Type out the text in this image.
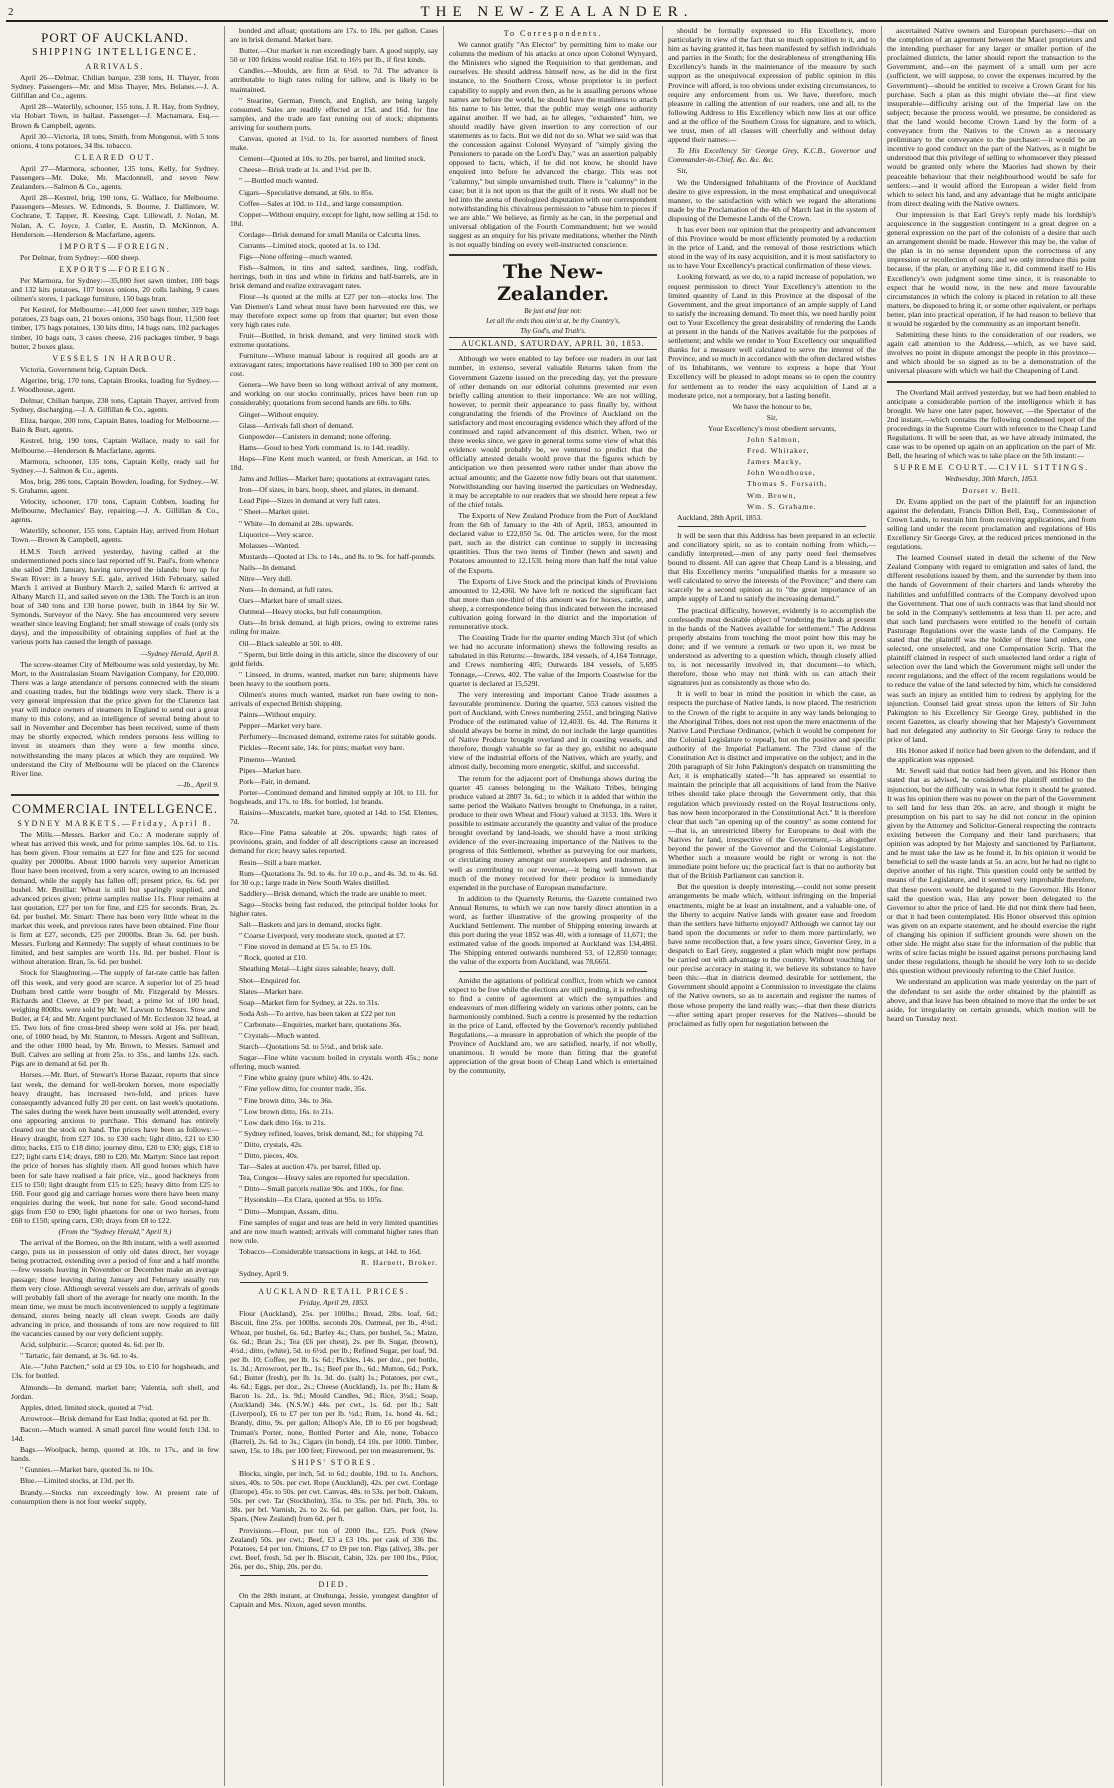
2	THE NEW-ZEALANDER.
PORT OF AUCKLAND.
SHIPPING INTELLIGENCE.
ARRIVALS.

April 26—Delmar, Chilian barque, 238 tons, H. Thayer, from Sydney. Passengers—Mr. and Miss Thayer, Mrs. Belanes.—J. A. Gilfillan and Co., agents.

April 28—Waterlily, schooner, 155 tons, J. R. Hay, from Sydney, via Hobart Town, in ballast. Passenger—J. Macnamara, Esq.—Brown & Campbell, agents.

April 30—Victoria, 18 tons, Smith, from Mongonui, with 5 tons onions, 4 tons potatoes, 34 lbs. tobacco.

CLEARED OUT.

April 27—Marmora, schooner, 135 tons, Kelly, for Sydney. Passengers—Mr. Duke, Mr. Macdonnell, and seven New Zealanders.—Salmon & Co., agents.

April 28—Kestrel, brig, 190 tons, G. Wallace, for Melbourne. Passengers—Messrs. W. Edmonds, S. Bourne, J. Dallimore, W. Cochrane, T. Tapper, R. Keesing, Capt. Lillewall, J. Nolan, M. Nolan, A. C. Joyce, J. Cutler, E. Austin, D. McKinnon, A. Henderson.—Henderson & Macfarlane, agents.

IMPORTS—FOREIGN.

Per Delmar, from Sydney:—600 sheep.

EXPORTS—FOREIGN.

Per Marmora, for Sydney:—35,000 feet sawn timber, 100 bags and 132 kits potatoes, 107 boxes onions, 20 colls lashing, 9 cases oilmen's stores, 1 package furniture, 150 bags bran.

Per Kestrel, for Melbourne:—41,000 feet sawn timber, 319 bags potatoes, 23 bags oats, 21 boxes onions, 350 bags flour, 11,500 feet timber, 175 bags potatoes, 130 kits ditto, 14 bags oats, 102 packages timber, 10 bags oats, 3 cases cheese, 216 packages timber, 9 bags butter, 2 boxes glass.

VESSELS IN HARBOUR.

Victoria, Government brig, Captain Deck.

Algerine, brig, 170 tons, Captain Brooks, loading for Sydney.—J. Woodhouse, agent.

Delmar, Chilian barque, 238 tons, Captain Thayer, arrived from Sydney, discharging.—J. A. Gilfillan & Co., agents.

Eliza, barque, 200 tons, Captain Bates, loading for Melbourne.—Bain & Burt, agents.

Kestrel, brig, 190 tons, Captain Wallace, ready to sail for Melbourne.—Henderson & Macfarlane, agents.

Marmora, schooner, 135 tons, Captain Kelly, ready sail for Sydney.—J. Salmon & Co., agents.

Mos, brig, 286 tons, Captain Bowden, loading, for Sydney.—W. S. Grahame, agent.

Velocity, schooner, 170 tons, Captain Cobben, loading for Melbourne, Mechanics' Bay, repairing.—J. A. Gilfillan & Co., agents.

Waterlily, schooner, 155 tons, Captain Hay, arrived from Hobart Town.—Brown & Campbell, agents.

H.M.S Torch arrived yesterday, having called at the undermentioned ports since last reported off St. Paul's, from whence she sailed 29th January, having surveyed the islands: bore up for Swan River: in a heavy S.E. gale, arrived 16th February, sailed March 1 arrived at Bunbury March 2, sailed March 6: arrived at Albany March 11, and sailed seven on the 13th. The Torch is an iron boat of 340 tons and 130 horse power, built in 1844 by Sir W. Symonds, Surveyor of the Navy. She has encountered very severe weather since leaving England; her small stowage of coals (only six days), and the impossibility of obtaining supplies of fuel at the various ports has caused the length of passage.

—Sydney Herald, April 8.

The screw-steamer City of Melbourne was sold yesterday, by Mr. Mort, to the Australasian Steam Navigation Company, for £20,000. There was a large attendance of persons connected with the steam and coasting trades, but the biddings were very slack. There is a very general impression that the price given for the Clarence last year will induce owners of steamers in England to send out a great many to this colony, and as intelligence of several being about to sail in November and December has been received, some of them may be shortly expected, which renders persons less willing to invest in steamers than they were a few months since, notwithstanding the many places at which they are required. We understand the City of Melbourne will be placed on the Clarence River line.

—Ib., April 9.

COMMERCIAL INTELLGENCE.
SYDNEY MARKETS.—Friday, April 8.

The Mills.—Messrs. Barker and Co.: A moderate supply of wheat has arrived this week, and for prime samples 10s. 6d. to 11s. has been given. Flour remains at £27 for fine and £25 for second quality per 2000lbs. About 1000 barrels very superior American flour have been received, from a very scarce, owing to an increased demand, while the supply has fallen off; present price, 6s. 6d. per bushel. Mr. Breillat: Wheat is still but sparingly supplied, and advanced prices given; prime samples realise 11s. Flour remains at last quotation, £27 per ton for fine, and £25 for seconds. Bran, 2s. 6d. per bushel. Mr. Smart: There has been very little wheat in the market this week, and previous rates have been obtained. Fine flour is firm at £27, seconds, £25 per 2000lbs. Bran 3s. 6d. per bush. Messrs. Furlong and Kennedy: The supply of wheat continues to be limited, and best samples are worth 11s. 8d. per bushel. Flour is without alteration. Bran, 5s. 6d. per bushel.

Stock for Slaughtering.—The supply of fat-rate cattle has fallen off this week, and very good are scarce. A superior lot of 25 head Durham bred cattle were bought of Mr. Fitzgerald by Messrs. Richards and Cleeve, at £9 per head; a prime lot of 100 head, weighing 800lbs. were sold by Mr. W. Lawson to Messrs. Stow and Butler, at £4; and Mr. Argent purchased of Mr. Eccleston 32 head, at £5. Two lots of fine cross-bred sheep were sold at 16s. per head; one, of 1000 head, by Mr. Stanton, to Messrs. Argent and Sullivan, and the other 1000 head, by Mr. Brown, to Messrs. Samuel and Bull. Calves are selling at from 25s. to 35s., and lambs 12s. each. Pigs are in demand at 6d. per lb.

Horses.—Mr. Burt, of Stewart's Horse Bazaar, reports that since last week, the demand for well-broken horses, more especially heavy draught, has increased two-fold, and prices have consequently advanced fully 20 per cent. on last week's quotations. The sales during the week have been unusually well attended, every one appearing anxious to purchase. This demand has entirely cleared out the stock on hand. The prices have been as follows:—Heavy draught, from £27 10s. to £30 each; light ditto, £21 to £30 ditto; hacks, £15 to £18 ditto; journey ditto, £20 to £30; gigs, £18 to £27; light carts £14; drays, £80 to £20. Mr. Martyn: Since last report the price of horses has slightly risen. All good horses which have been for sale have realised a fair price, viz., good hackneys from £15 to £50; light draught from £15 to £25; heavy ditto from £25 to £60. Four good gig and carriage horses were there have been many enquiries during the week, but none for sale. Good second-hand gigs from £50 to £90; light phaetons for one or two horses, from £60 to £150; spring carts, £30; drays from £8 to £22.

(From the "Sydney Herald," April 9.)

The arrival of the Borneo, on the 8th instant, with a well assorted cargo, puts us in possession of only old dates direct, her voyage being protracted, extending over a period of four and a half months—few vessels leaving in November or December make an average passage; those leaving during January and February usually run them very close. Although several vessels are due, arrivals of goods will probably fall short of the average for nearly one month. In the mean time, we must be much inconvenienced to supply a legitimate demand, stores being nearly all clean swept. Goods are daily advancing in price, and thousands of tons are now required to fill the vacancies caused by our very deficient supply.

Acid, sulphuric.—Scarce; quoted 4s. 6d. per lb.

" Tartaric, fair demand, at 3s. 6d. to 4s.

Ale.—"John Patchett," sold at £9 10s. to £10 for hogsheads, and 13s. for bottled.

Almonds—In demand, market bare; Valentia, soft shell, and Jordan.

Apples, dried, limited stock, quoted at 7½d.

Arrowroot—Brisk demand for East India; quoted at 6d. per lb.

Bacon.—Much wanted. A small parcel fine would fetch 13d. to 14d.

Bags.—Woolpack, hemp, quoted at 10s. to 17s., and in few hands.

" Gunnies.—Market bare, quoted 3s. to 10s.

Blue.—Limited stocks, at 13d. per lb.

Brandy.—Stocks run exceedingly low. At present rate of consumption there is not four weeks' supply,

bonded and afloat; quotations are 17s. to 18s. per gallon. Cases are in brisk demand. Market bare.

Butter.—Our market is run exceedingly bare. A good supply, say 50 or 100 firkins would realise 16d. to 16½ per lb., if first kinds.

Candles.—Moulds, are firm at 6½d. to 7d. The advance is attributable to high rates ruling for tallow, and is likely to be maintained.

" Stearine, German, French, and English, are being largely consumed. Sales are readily effected at 15d. and 16d. for fine samples, and the trade are fast running out of stock; shipments arriving for southern ports.

Canvas, quoted at 1½d. to 1s. for assorted numbers of finest make.

Cement—Quoted at 10s. to 20s. per barrel, and limited stock.

Cheese—Brisk trade at 1s. and 1½d. per lb.

" —Bottled much wanted.

Cigars—Speculative demand, at 60s. to 85s.

Coffee—Sales at 10d. to 11d., and large consumption.

Copper—Without enquiry, except for light, now selling at 15d. to 18d.

Cordage—Brisk demand for small Manila or Calcutta lines.

Currants—Limited stock, quoted at 1s. to 13d.

Figs—None offering—much wanted.

Fish—Salmon, in tins and salted, sardines, ling, codfish, herrings, both in tins and white in firkins and half-barrels, are in brisk demand and realize extravagant rates.

Flour—Is quoted at the mills at £27 per ton—stocks low. The Van Diemen's Land wheat must have been harvested ere this, we may therefore expect some up from that quarter; but even those very high rates rule.

Fruit—Bottled, in brisk demand, and very limited stock with extreme quotations.

Furniture—Where manual labour is required all goods are at extravagant rates; importations have realised 100 to 300 per cent on cost.

Genera—We have been so long without arrival of any moment, and working on our stocks continually, prices have been run up considerably; quotations from second hands are 60s. to 68s.

Ginger—Without enquiry.

Glass—Arrivals fall short of demand.

Gunpowder—Canisters in demand; none offering.

Hams—Good to best York command 1s. to 14d. readily.

Hops—Fine Kent much wanted, or fresh American, at 16d. to 18d.

Jams and Jellies—Market bare; quotations at extravagant rates.

Iron—Of sizes, in bars, hoop, sheet, and plates, in demand.

Lead Pipe—Sizes in demand at very full rates.

" Sheet—Market quiet.

" White—In demand at 28s. upwards.

Liquorice—Very scarce.

Molasses—Wanted.

Mustards—Quoted at 13s. to 14s., and 8s. to 9s. for half-pounds.

Nails—In demand.

Nitre—Very dull.

Nuts—In demand, at full rates.

Oars—Market bare of small sizes.

Oatmeal—Heavy stocks, but full consumption.

Oats—In brisk demand, at high prices, owing to extreme rates ruling for maize.

Oil—Black saleable at 50l. to 40l.

" Sperm, but little doing in this article, since the discovery of our gold fields.

" Linseed, in drums, wanted, market run bare; shipments have been heavy to the southern ports.

Oilmen's stores much wanted, market run bare owing to non-arrivals of expected British shipping.

Paints—Without enquiry.

Pepper—Market very bare.

Perfumery—Increased demand, extreme rates for suitable goods.

Pickles—Recent sale, 14s. for pints; market very bare.

Pimento—Wanted.

Pipes—Market bare.

Pork—Fair, in demand.

Porter—Continued demand and limited supply at 10l. to 11l. for hogsheads, and 17s. to 18s. for bottled, 1st brands.

Raisins—Muscatels, market bare, quoted at 14d. to 15d. Elemes, 7d.

Rice—Fine Patna saleable at 20s. upwards; high rates of provisions, grain, and fodder of all descriptions cause an increased demand for rice; heavy sales reported.

Resin—Still a bare market.

Rum—Quotations 3s. 9d. to 4s. for 10 o.p., and 4s. 3d. to 4s. 6d. for 30 o.p.; large trade in New South Wales distilled.

Saddlery—Brisk demand, which the trade are unable to meet.

Sago—Stocks being fast reduced, the principal holder looks for higher rates.

Salt—Baskets and jars in demand, stocks light.

" Coarse Liverpool, very moderate stock, quoted at £7.

" Fine stoved in demand at £5 5s. to £5 10s.

" Rock, quoted at £10.

Sheathing Metal—Light sizes saleable; heavy, dull.

Shot—Enquired for.

Slates—Market bare.

Soap—Market firm for Sydney, at 22s. to 31s.

Soda Ash—To arrive, has been taken at £22 per ton

" Carbonate—Enquiries, market bare, quotations 36s.

" Crystals—Much wanted.

Starch—Quotations 5d. to 5½d., and brisk sale.

Sugar—Fine white vacuum boiled in crystals worth 45s.; none offering, much wanted.

" Fine white grainy (pure white) 40s. to 42s.

" Fine yellow ditto, for counter trade, 35s.

" Fine brown ditto, 34s. to 36s.

" Low brown ditto, 16s. to 21s.

" Low dark ditto 16s. to 21s.

" Sydney refined, loaves, brisk demand, 8d.; for shipping 7d.

" Ditto, crystals, 42s.

" Ditto, pieces, 40s.

Tar—Sales at auction 47s. per barrel, filled up.

Tea, Congou—Heavy sales are reported for speculation.

" Ditto—Small parcels realize 90s. and 100s., for fine.

" Hysonskin—Ex Clara, quoted at 95s. to 105s.

" Ditto—Mumpan, Assam, ditto.

Fine samples of sugar and teas are held in very limited quantities and are now much wanted; arrivals will command higher rates than now rule.

Tobacco—Considerable transactions in kegs, at 14d. to 16d.

R. Harnett, Broker.

Sydney, April 9.

AUCKLAND RETAIL PRICES.

Friday, April 29, 1853.

Flour (Auckland), 25s. per 100lbs.; Bread, 2lbs. loaf, 6d.; Biscuit, fine 25s. per 100lbs. seconds 20s. Oatmeal, per lb., 4½d.; Wheat, per bushel, 6s. 6d.; Barley 4s.; Oats, per bushel, 5s.; Maize, 6s. 6d.; Bran 2s.; Tea (£6 per chest), 2s. per lb. Sugar, (brown), 4½d.; ditto, (white), 5d. to 6½d. per lb.; Refined Sugar, per loaf, 9d. per lb. 10; Coffee, per lb. 1s. 6d.; Pickles, 14s. per doz., per bottle, 1s. 3d.; Arrowroot, per lb., 1s.; Beef per lb., 6d.; Mutton, 6d.; Pork, 6d.; Butter (fresh), per lb. 1s. 3d. do. (salt) 1s.; Potatoes, per cwt., 4s. 6d.; Eggs, per doz., 2s.; Cheese (Auckland), 1s. per lb.; Ham & Bacon 1s. 2d., 1s. 9d.; Mould Candles, 9d.; Rice, 3½d.; Soap, (Auckland) 34s. (N.S.W.) 44s. per cwt., 1s. 6d. per lb.; Salt (Liverpool), £6 to £7 per ton per lb. ½d.; Rum, 1s. bond 4s. 6d.; Brandy, ditto, 9s. per gallon; Allsop's Ale, £8 to £6 per hogshead; Truman's Porter, none, Bottled Porter and Ale, none, Tobacco (Barrel), 2s. 6d. to 3s.; Cigars (in bond), £4 10s. per 1000. Timber, sawn, 15s. to 18s. per 100 feet; Firewood, per ton measurement, 9s.

SHIPS' STORES.

Blocks, single, per inch, 5d. to 6d.; double, 10d. to 1s. Anchors, sixes, 40s. to 50s. per cwt. Rope (Auckland), 42s. per cwt. Cordage (Europe), 45s. to 50s. per cwt. Canvas, 48s. to 53s. per bolt. Oakum, 50s. per cwt. Tar (Stockholm), 35s. to 35s. per brl. Pitch, 30s. to 38s. per brl. Varnish, 2s. to 2s. 6d. per gallon. Oars, per foot, 1s. Spars, (New Zealand) from 6d. per ft.

Provisions.—Flour, per ton of 2000 lbs., £25. Pork (New Zealand) 50s. per cwt.; Beef, £3 a £3 10s. per cask of 336 lbs. Potatoes, £4 per ton. Onions, £7 to £9 per ton. Pigs (alive), 38s. per cwt. Beef, fresh, 5d. per lb. Biscuit, Cabin, 32s. per 100 lbs., Pilot, 26s. per do., Ship, 20s. per do.

DIED.

On the 28th instant, at Onehunga, Jessie, youngest daughter of Captain and Mrs. Nixon, aged seven months.

To Correspondents.

We cannot gratify "An Elector" by permitting him to make our columns the medium of his attacks at once upon Colonel Wynyard, the Ministers who signed the Requisition to that gentleman, and ourselves. He should address himself now, as he did in the first instance, to the Southern Cross, whose proprietor is in perfect capability to supply and even then, as he is assailing persons whose names are before the world, he should have the manliness to attach his name to his letter, that the public may weigh one authority against another. If we had, as he alleges, "exhausted" him, we should readily have given insertion to any correction of our statements as to facts. But we did not do so. What we said was that the concession against Colonel Wynyard of "simply giving the Pensioners to parade on the Lord's Day," was an assertion palpably opposed to facts, which, if he did not know, he should have enquired into before he advanced the charge. This was not "calumny," but simple unvarnished truth. There is "calumny" in the case; but it is not upon us that the guilt of it rests. We shall not be led into the arena of theologized disputation with our correspondent notwithstanding his chivalrous permission to "abuse him to pieces if we are able." We believe, as firmly as he can, in the perpetual and universal obligation of the Fourth Commandment; but we would suggest as an enquiry for his private meditations, whether the Ninth is not equally binding on every well-instructed conscience.

The New-Zealander.
Be just and fear not:
Let all the ends thou aim'st at, be thy Country's,
Thy God's, and Truth's.
AUCKLAND, SATURDAY, APRIL 30, 1853.

Although we were enabled to lay before our readers in our last number, in extenso, several valuable Returns taken from the Government Gazette issued on the preceding day, yet the pressure of other demands on our editorial columns prevented our even briefly calling attention to their importance. We are not willing, however, to permit their appearance to pass finally by, without congratulating the friends of the Province of Auckland on the satisfactory and most encouraging evidence which they afford of the continued and rapid advancement of this district. When, two or three weeks since, we gave in general terms some view of what this evidence would probably be, we ventured to predict that the officially attested details would prove that the figures which by anticipation we then presented were rather under than above the actual amounts; and the Gazette now fully bears out that statement. Notwithstanding our having inserted the particulars on Wednesday, it may be acceptable to our readers that we should here repeat a few of the chief totals.

The Exports of New Zealand Produce from the Port of Auckland from the 6th of January to the 4th of April, 1853, amounted in declared value to £22,050 5s. 0d. The articles were, for the most part, such as the district can continue to supply in increasing quantities. Thus the two items of Timber (hewn and sawn) and Potatoes amounted to 12,153l. being more than half the total value of the Exports.

The Exports of Live Stock and the principal kinds of Provisions amounted to 12,436l. We have left re noticed the significant fact that more than one-third of this amount was for horses, cattle, and sheep, a correspondence being thus indicated between the increased cultivation going forward in the district and the importation of remunerative stock.

The Coasting Trade for the quarter ending March 31st (of which we had no accurate information) shews the following results as tabulated in this Returns:—Inwards, 184 vessels, of 4,164 Tonnage, and Crews numbering 405; Outwards 184 vessels, of 5,695 Tonnage,—Crews, 402. The value of the Imports Coastwise for the quarter is declared at 15,529l.

The very interesting and important Canoe Trade assumes a favourable prominence. During the quarter, 553 canoes visited the port of Auckland, with Crews numbering 2551, and bringing Native Produce of the estimated value of 12,403l. 6s. 4d. The Returns it should always be borne in mind, do not include the large quantities of Native Produce brought overland and in coasting vessels, and therefore, though valuable so far as they go, exhibit no adequate view of the industrial efforts of the Natives, which are yearly, and almost daily, becoming more energetic, skilful, and successful.

The return for the adjacent port of Onehunga shows during the quarter 45 canoes belonging to the Waikato Tribes, bringing produce valued at 2807 3s. 6d.; to which it is added that within the same period the Waikato Natives brought to Onehunga, in a raiter, produce to their own Wheat and Flour) valued at 3153. 18s. Were it possible to estimate accurately the quantity and value of the produce brought overland by land-loads, we should have a most striking evidence of the ever-increasing importance of the Natives to the progress of this Settlement, whether as purveying for our markets, or circulating money amongst our storekeepers and tradesmen, as well as contributing to our revenue,—it being well known that much of the money received for their produce is immediately expended in the purchase of European manufacture.

In addition to the Quarterly Returns, the Gazette contained two Annual Returns, to which we can now barely direct attention in a word, as further illustrative of the growing prosperity of the Auckland Settlement. The number of Shipping entering inwards at this port during the year 1852 was 40, with a tonnage of 11,671; the estimated value of the goods imported at Auckland was 134,486l. The Shipping entered outwards numbered 53, of 12,850 tonnage; the value of the exports from Auckland, was 78,665l.

Amidst the agitations of political conflict, from which we cannot expect to be free while the elections are still pending, it is refreshing to find a centre of agreement at which the sympathies and endeavours of men differing widely on various other points, can be harmoniously combined. Such a centre is presented by the reduction in the price of Land, effected by the Governor's recently published Regulations,—a measure in approbation of which the people of the Province of Auckland are, we are satisfied, nearly, if not wholly, unanimous. It would be more than fitting that the grateful appreciation of the great boon of Cheap Land which is entertained by the community,

should be formally expressed to His Excellency, more particularly in view of the fact that so much opposition to it, and to him as having granted it, has been manifested by selfish individuals and parties in the South; for the desirableness of strengthening His Excellency's hands in the maintenance of the measure by such support as the unequivocal expression of public opinion in this Province will afford, is too obvious under existing circumstances, to require any enforcement from us. We have, therefore, much pleasure in calling the attention of our readers, one and all, to the following Address to His Excellency which now lies at our office and at the office of the Southern Cross for signature, and to which, we trust, men of all classes will cheerfully and without delay append their names:—

To His Excellency Sir George Grey, K.C.B., Governor and Commander-in-Chief, &c. &c. &c.

Sir,

We the Undersigned Inhabitants of the Province of Auckland desire to give expression, in the most emphatical and unequivocal manner, to the satisfaction with which we regard the alterations made by the Proclamation of the 4th of March last in the system of disposing of the Demesne Lands of the Crown.

It has ever been our opinion that the prosperity and advancement of this Province would be most efficiently promoted by a reduction in the price of Land, and the removal of those restrictions which stood in the way of its easy acquisition, and it is most satisfactory to us to have Your Excellency's practical confirmation of these views.

Looking forward, as we do, to a rapid increase of population, we request permission to direct Your Excellency's attention to the limited quantity of Land in this Province at the disposal of the Government, and the great importance of an ample supply of Land to satisfy the increasing demand. To meet this, we need hardly point out to Your Excellency the great desirability of rendering the Lands at present in the hands of the Natives available for the purposes of settlement; and while we render to Your Excellency our unqualified thanks for a measure well calculated to serve the interest of the Province, and so much in accordance with the often declared wishes of its Inhabitants, we venture to express a hope that Your Excellency will be pleased to adopt means so to open the country for settlement as to render the easy acquisition of Land at a moderate price, not a temporary, but a lasting benefit.

We have the honour to be,

Sir,

Your Excellency's most obedient servants,

John Salmon,

Fred. Whitaker,

James Macky,

John Woodhouse,

Thomas S. Forsaith,

Wm. Brown,

Wm. S. Grahame.

Auckland, 28th April, 1853.

It will be seen that this Address has been prepared in an eclectic and conciliatory spirit, so as to contain nothing from which,—candidly interpreted,—men of any party need feel themselves bound to dissent. All can agree that Cheap Land is a blessing, and that His Excellency merits "unqualified thanks for a measure so well calculated to serve the interests of the Province;" and there can scarcely be a second opinion as to "the great importance of an ample supply of Land to satisfy the increasing demand."

The practical difficulty, however, evidently is to accomplish the confessedly most desirable object of "rendering the lands at present in the hands of the Natives available for settlement." The Address properly abstains from touching the moot point how this may be done; and if we venture a remark or two upon it, we must be understood as adverting to a question which, though closely allied to, is not necessarily involved in, that document—to which, therefore, those who may not think with us can attach their signatures just as consistently as those who do.

It is well to bear in mind the position in which the case, as respects the purchase of Native lands, is now placed. The restriction to the Crown of the right to acquire in any way lands belonging to the Aboriginal Tribes, does not rest upon the mere enactments of the Native Land Purchase Ordinance, (which it would be competent for the Colonial Legislature to repeal), but on the positive and specific authority of the Imperial Parliament. The 73rd clause of the Constitution Act is distinct and imperative on the subject; and in the 20th paragraph of Sir John Pakington's despatch on transmitting the Act, it is emphatically stated—"It has appeared so essential to maintain the principle that all acquisitions of land from the Native tribes should take place through the Government only, that this regulation which previously rested on the Royal Instructions only, has now been incorporated in the Constitutional Act." It is therefore clear that such "an opening up of the country" as some contend for—that is, an unrestricted liberty for Europeans to deal with the Natives for land, irrespective of the Government,—is altogether beyond the power of the Governor and the Colonial Legislature. Whether such a measure would be right or wrong is not the immediate point before us; the practical fact is that no authority but that of the British Parliament can sanction it.

But the question is deeply interesting,—could not some present arrangements be made which, without infringing on the Imperial enactments, might be at least an instalment, and a valuable one, of the liberty to acquire Native lands with greater ease and freedom than the settlers have hitherto enjoyed? Although we cannot lay our hand upon the documents or refer to them more particularly, we have some recollection that, a few years since, Governor Grey, in a despatch to Earl Grey, suggested a plan which might now perhaps be carried out with advantage to the country. Without vouching for our precise accuracy in stating it, we believe its substance to have been this:—that in districts deemed desirable for settlement, the Government should appoint a Commission to investigate the claims of the Native owners, so as to ascertain and register the names of those whose property the land really was;—that then these districts—after setting apart proper reserves for the Natives—should be proclaimed as fully open for negotiation between the

ascertained Native owners and European purchasers:—that on the completion of an agreement between the Maori proprietors and the intending purchaser for any larger or smaller portion of the proclaimed districts, the latter should report the transaction to the Government, and—on the payment of a small sum per acre (sufficient, we will suppose, to cover the expenses incurred by the Government)—should be entitled to receive a Crown Grant for his purchase. Such a plan as this might obviate the—at first view insuperable—difficulty arising out of the Imperial law on the subject; because the process would, we presume, be considered as that the land would become Crown Land by the form of a conveyance from the Natives to the Crown as a necessary preliminary to the conveyance to the purchaser:—it would be an incentive to good conduct on the part of the Natives, as it might be understood that this privilege of selling to whomsoever they pleased would be granted only where the Maories had shown by their peaceable behaviour that their neighbourhood would be safe for settlers:—and it would afford the European a wider field from which to select his land, and any advantage that he might anticipate from direct dealing with the Native owners.

Our impression is that Earl Grey's reply made his lordship's acquiescence in the suggestion contingent to a great degree on a general expression on the part of the colonists of a desire that such an arrangement should be made. However this may be, the value of the plan is in no sense dependent upon the correctness of any impression or recollection of ours; and we only introduce this point because, if the plan, or anything like it, did commend itself to His Excellency's own judgment some time since, it is reasonable to expect that he would now, in the new and more favourable circumstances in which the colony is placed in relation to all these matters, be disposed to bring it, or some other equivalent, or perhaps better, plan into practical operation, if he had reason to believe that it would be regarded by the community as an important benefit.

Submitting these hints to the consideration of our readers, we again call attention to the Address,—which, as we have said, involves no point in dispute amongst the people in this province—and which should be so signed as to be a demonstration of the universal pleasure with which we hail the Cheapening of Land.

The Overland Mail arrived yesterday, but we had been enabled to anticipate a considerable portion of the intelligence which it has brought. We have one later paper, however, —the Spectator of the 2nd instant,—which contains the following condensed report of the proceedings in the Supreme Court with reference to the Cheap Land Regulations. It will be seen that, as we have already intimated, the case was to be opened up again on an application on the part of Mr. Bell, the hearing of which was to take place on the 5th instant:—

SUPREME COURT.—CIVIL SITTINGS.

Wednesday, 30th March, 1853.

Dorset v. Bell.

Dr. Evans applied on the part of the plaintiff for an injunction against the defendant, Francis Dillon Bell, Esq., Commissioner of Crown Lands, to restrain him from receiving applications, and from selling land under the recent proclamation and regulations of His Excellency Sir George Grey, at the reduced prices mentioned in the regulations.

The learned Counsel stated in detail the scheme of the New Zealand Company with regard to emigration and sales of land, the different resolutions issued by them, and the surrender by them into the hands of Government of their charters and lands whereby the liabilities and unfulfilled contracts of the Company devolved upon the Government. That one of such contracts was that land should not be sold in the Company's settlements at less than 1l. per acre, and that such land purchasers were entitled to the benefit of certain Pasturage Regulations over the waste lands of the Company. He stated that the plaintiff was the holder of three land orders, one selected, one unselected, and one Compensation Scrip. That the plaintiff claimed in respect of such unselected land order a right of selection over the land which the Government might sell under the recent regulations, and the effect of the recent regulations would be to reduce the value of the land selected by him, which he considered was such an injury as entitled him to redress by applying for the injunction. Counsel laid great stress upon the letters of Sir John Pakington to his Excellency Sir George Grey, published in the recent Gazettes, as clearly showing that her Majesty's Government had not delegated any authority to Sir George Grey to reduce the price of land.

His Honor asked if notice had been given to the defendant, and if the application was opposed.

Mr. Sewell said that notice had been given, and his Honor then stated that as advised, he considered the plaintiff entitled to the injunction, but the difficulty was in what form it should be granted. It was his opinion there was no power on the part of the Government to sell land for less than 20s. an acre, and though it might be presumption on his part to say he did not concur in the opinion given by the Attorney and Solicitor-General respecting the contracts existing between the Company and their land purchasers; that opinion was adopted by her Majesty and sanctioned by Parliament, and he must take the law as he found it. In his opinion it would be beneficial to sell the waste lands at 5s. an acre, but he had no right to deprive another of his right. This question could only be settled by means of the Legislature, and it seemed very improbable therefore, that these powers would be delegated to the Governor. His Honor said the question was, Has any power been delegated to the Governor to alter the price of land. He did not think there had been, or that it had been contemplated. His Honor observed this opinion was given on an exparte statement, and he should exercise the right of changing his opinion if sufficient grounds were shown on the other side. He might also state for the information of the public that writs of scire facias might be issued against persons purchasing land under these regulations, though he should be very loth to so decide this question without previously referring to the Chief Justice.

We understand an application was made yesterday on the part of the defendant to set aside the order obtained by the plaintiff as above, and that leave has been obtained to move that the order be set aside, for irregularity on certain grounds, which motion will be heard on Tuesday next.
